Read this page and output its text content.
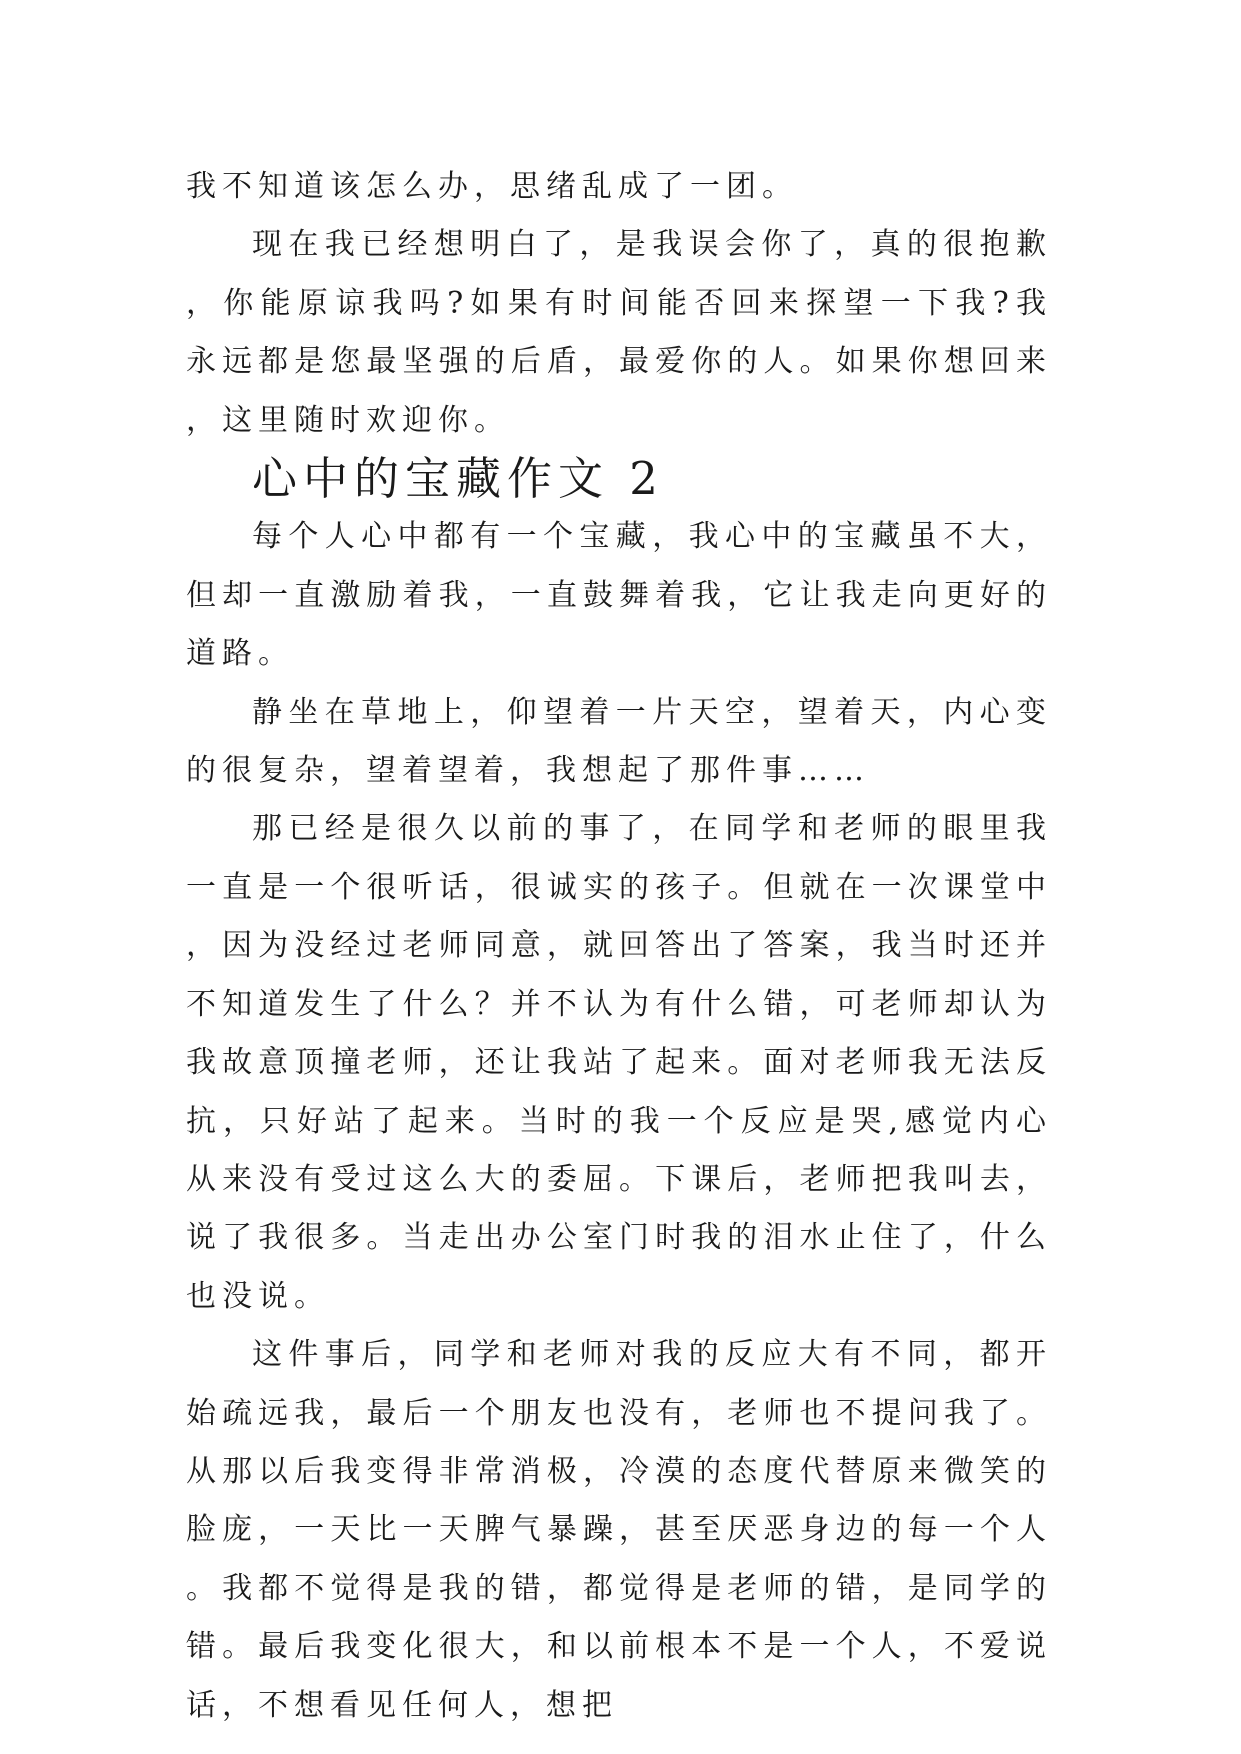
我不知道该怎么办，思绪乱成了一团。

现在我已经想明白了，是我误会你了，真的很抱歉，你能原谅我吗?如果有时间能否回来探望一下我?我永远都是您最坚强的后盾，最爱你的人。如果你想回来，这里随时欢迎你。

心中的宝藏作文 2

每个人心中都有一个宝藏，我心中的宝藏虽不大，但却一直激励着我，一直鼓舞着我，它让我走向更好的道路。

静坐在草地上，仰望着一片天空，望着天，内心变的很复杂，望着望着，我想起了那件事……

那已经是很久以前的事了，在同学和老师的眼里我一直是一个很听话，很诚实的孩子。但就在一次课堂中，因为没经过老师同意，就回答出了答案，我当时还并不知道发生了什么？并不认为有什么错，可老师却认为我故意顶撞老师，还让我站了起来。面对老师我无法反抗，只好站了起来。当时的我一个反应是哭,感觉内心从来没有受过这么大的委屈。下课后，老师把我叫去，说了我很多。当走出办公室门时我的泪水止住了，什么也没说。

这件事后，同学和老师对我的反应大有不同，都开始疏远我，最后一个朋友也没有，老师也不提问我了。从那以后我变得非常消极，冷漠的态度代替原来微笑的脸庞，一天比一天脾气暴躁，甚至厌恶身边的每一个人。我都不觉得是我的错，都觉得是老师的错，是同学的错。最后我变化很大，和以前根本不是一个人，不爱说话，不想看见任何人，想把
